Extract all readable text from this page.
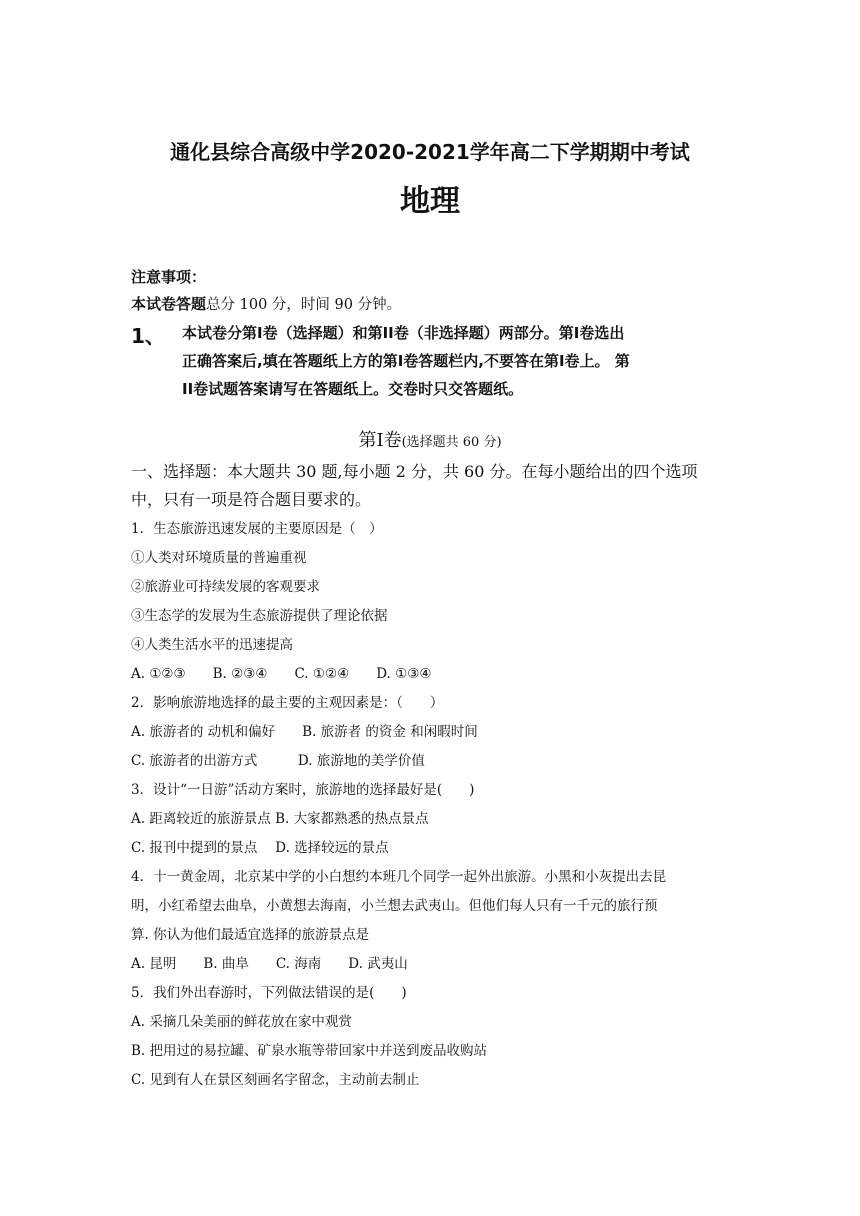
通化县综合高级中学2020-2021学年高二下学期期中考试
地理
注意事项：
本试卷答题总分 100 分，时间 90 分钟。
1、 本试卷分第Ⅰ卷（选择题）和第ⅠⅠ卷（非选择题）两部分。第Ⅰ卷选出
正确答案后,填在答题纸上方的第Ⅰ卷答题栏内,不要答在第Ⅰ卷上。 第
ⅠⅠ卷试题答案请写在答题纸上。交卷时只交答题纸。
第Ⅰ卷(选择题共 60 分)
一、选择题：本大题共 30 题,每小题 2 分，共 60 分。在每小题给出的四个选项
中，只有一项是符合题目要求的。
1．生态旅游迅速发展的主要原因是（　）
①人类对环境质量的普遍重视
②旅游业可持续发展的客观要求
③生态学的发展为生态旅游提供了理论依据
④人类生活水平的迅速提高
A. ①②③　　B. ②③④　　C. ①②④　　D. ①③④
2．影响旅游地选择的最主要的主观因素是：（　　）
A. 旅游者的 动机和偏好　　B. 旅游者 的资金 和闲暇时间
C. 旅游者的出游方式　　　D. 旅游地的美学价值
3．设计“一日游”活动方案时，旅游地的选择最好是(　　)
A. 距离较近的旅游景点 B. 大家都熟悉的热点景点
C. 报刊中提到的景点　 D. 选择较远的景点
4．十一黄金周，北京某中学的小白想约本班几个同学一起外出旅游。小黑和小灰提出去昆
明，小红希望去曲阜，小黄想去海南，小兰想去武夷山。但他们每人只有一千元的旅行预
算. 你认为他们最适宜选择的旅游景点是
A. 昆明　　B. 曲阜　　C. 海南　　D. 武夷山
5．我们外出春游时，下列做法错误的是(　　)
A. 采摘几朵美丽的鲜花放在家中观赏
B. 把用过的易拉罐、矿泉水瓶等带回家中并送到废品收购站
C. 见到有人在景区刻画名字留念，主动前去制止
